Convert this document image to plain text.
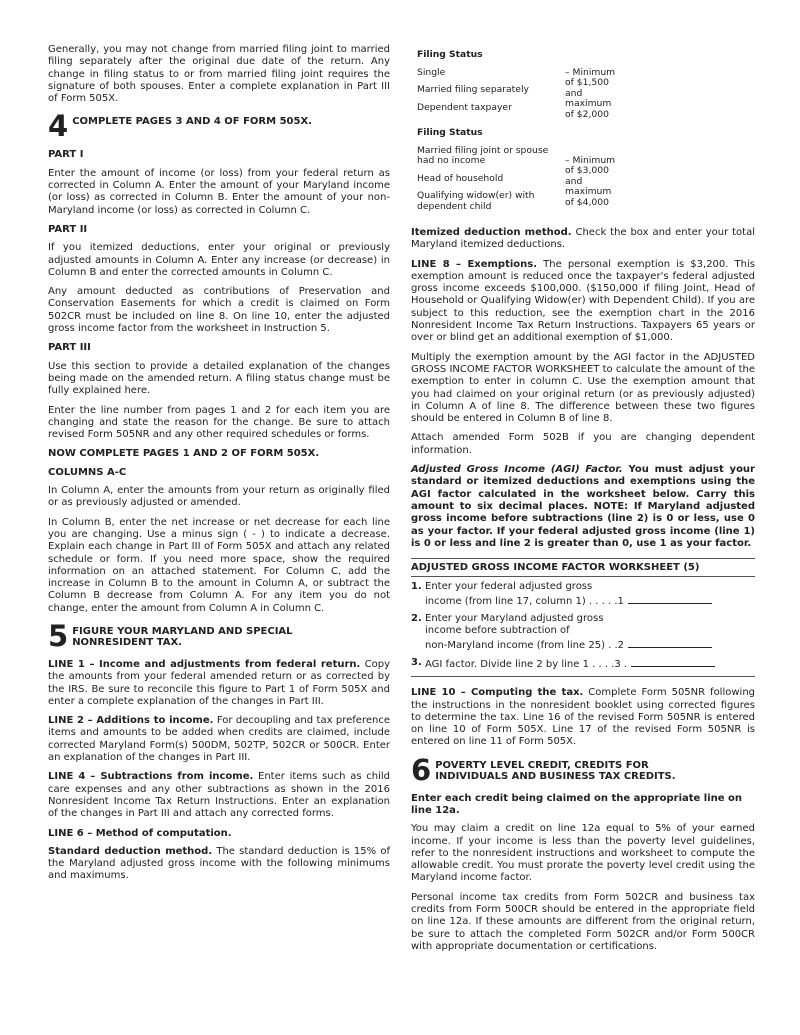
Generally, you may not change from married filing joint to married filing separately after the original due date of the return. Any change in filing status to or from married filing joint requires the signature of both spouses. Enter a complete explanation in Part III of Form 505X.

4 COMPLETE PAGES 3 AND 4 OF FORM 505X.
PART I

Enter the amount of income (or loss) from your federal return as corrected in Column A. Enter the amount of your Maryland income (or loss) as corrected in Column B. Enter the amount of your non-Maryland income (or loss) as corrected in Column C.

PART II

If you itemized deductions, enter your original or previously adjusted amounts in Column A. Enter any increase (or decrease) in Column B and enter the corrected amounts in Column C.

Any amount deducted as contributions of Preservation and Conservation Easements for which a credit is claimed on Form 502CR must be included on line 8. On line 10, enter the adjusted gross income factor from the worksheet in Instruction 5.

PART III

Use this section to provide a detailed explanation of the changes being made on the amended return. A filing status change must be fully explained here.

Enter the line number from pages 1 and 2 for each item you are changing and state the reason for the change. Be sure to attach revised Form 505NR and any other required schedules or forms.

NOW COMPLETE PAGES 1 AND 2 OF FORM 505X.
COLUMNS A-C

In Column A, enter the amounts from your return as originally filed or as previously adjusted or amended.

In Column B, enter the net increase or net decrease for each line you are changing. Use a minus sign ( - ) to indicate a decrease. Explain each change in Part III of Form 505X and attach any related schedule or form. If you need more space, show the required information on an attached statement. For Column C, add the increase in Column B to the amount in Column A, or subtract the Column B decrease from Column A. For any item you do not change, enter the amount from Column A in Column C.

5 FIGURE YOUR MARYLAND AND SPECIAL
NONRESIDENT TAX.

LINE 1 – Income and adjustments from federal return. Copy the amounts from your federal amended return or as corrected by the IRS. Be sure to reconcile this figure to Part 1 of Form 505X and enter a complete explanation of the changes in Part III.

LINE 2 – Additions to income. For decoupling and tax preference items and amounts to be added when credits are claimed, include corrected Maryland Form(s) 500DM, 502TP, 502CR or 500CR. Enter an explanation of the changes in Part III.

LINE 4 – Subtractions from income. Enter items such as child care expenses and any other subtractions as shown in the 2016 Nonresident Income Tax Return Instructions. Enter an explanation of the changes in Part III and attach any corrected forms.

LINE 6 – Method of computation.

Standard deduction method. The standard deduction is 15% of the Maryland adjusted gross income with the following minimums and maximums.

Filing Status
Single
Married filing separately
Dependent taxpayer
– Minimum
of $1,500
and
maximum
of $2,000
Filing Status
Married filing joint or spouse had no income
Head of household
Qualifying widow(er) with dependent child
– Minimum
of $3,000
and
maximum
of $4,000

Itemized deduction method. Check the box and enter your total Maryland itemized deductions.

LINE 8 – Exemptions. The personal exemption is $3,200. This exemption amount is reduced once the taxpayer's federal adjusted gross income exceeds $100,000. ($150,000 if filing Joint, Head of Household or Qualifying Widow(er) with Dependent Child). If you are subject to this reduction, see the exemption chart in the 2016 Nonresident Income Tax Return Instructions. Taxpayers 65 years or over or blind get an additional exemption of $1,000.

Multiply the exemption amount by the AGI factor in the ADJUSTED GROSS INCOME FACTOR WORKSHEET to calculate the amount of the exemption to enter in column C. Use the exemption amount that you had claimed on your original return (or as previously adjusted) in Column A of line 8. The difference between these two figures should be entered in Column B of line 8.

Attach amended Form 502B if you are changing dependent information.

Adjusted Gross Income (AGI) Factor. You must adjust your standard or itemized deductions and exemptions using the AGI factor calculated in the worksheet below. Carry this amount to six decimal places. NOTE: If Maryland adjusted gross income before subtractions (line 2) is 0 or less, use 0 as your factor. If your federal adjusted gross income (line 1) is 0 or less and line 2 is greater than 0, use 1 as your factor.

ADJUSTED GROSS INCOME FACTOR WORKSHEET (5)
1. Enter your federal adjusted gross
income (from line 17, column 1) . . . . .1
2. Enter your Maryland adjusted gross
income before subtraction of
non-Maryland income (from line 25) . .2
3. AGI factor. Divide line 2 by line 1 . . . .3 .

LINE 10 – Computing the tax. Complete Form 505NR following the instructions in the nonresident booklet using corrected figures to determine the tax. Line 16 of the revised Form 505NR is entered on line 10 of Form 505X. Line 17 of the revised Form 505NR is entered on line 11 of Form 505X.

6 POVERTY LEVEL CREDIT, CREDITS FOR
INDIVIDUALS AND BUSINESS TAX CREDITS.
Enter each credit being claimed on the appropriate line on line 12a.

You may claim a credit on line 12a equal to 5% of your earned income. If your income is less than the poverty level guidelines, refer to the nonresident instructions and worksheet to compute the allowable credit. You must prorate the poverty level credit using the Maryland income factor.

Personal income tax credits from Form 502CR and business tax credits from Form 500CR should be entered in the appropriate field on line 12a. If these amounts are different from the original return, be sure to attach the completed Form 502CR and/or Form 500CR with appropriate documentation or certifications.
